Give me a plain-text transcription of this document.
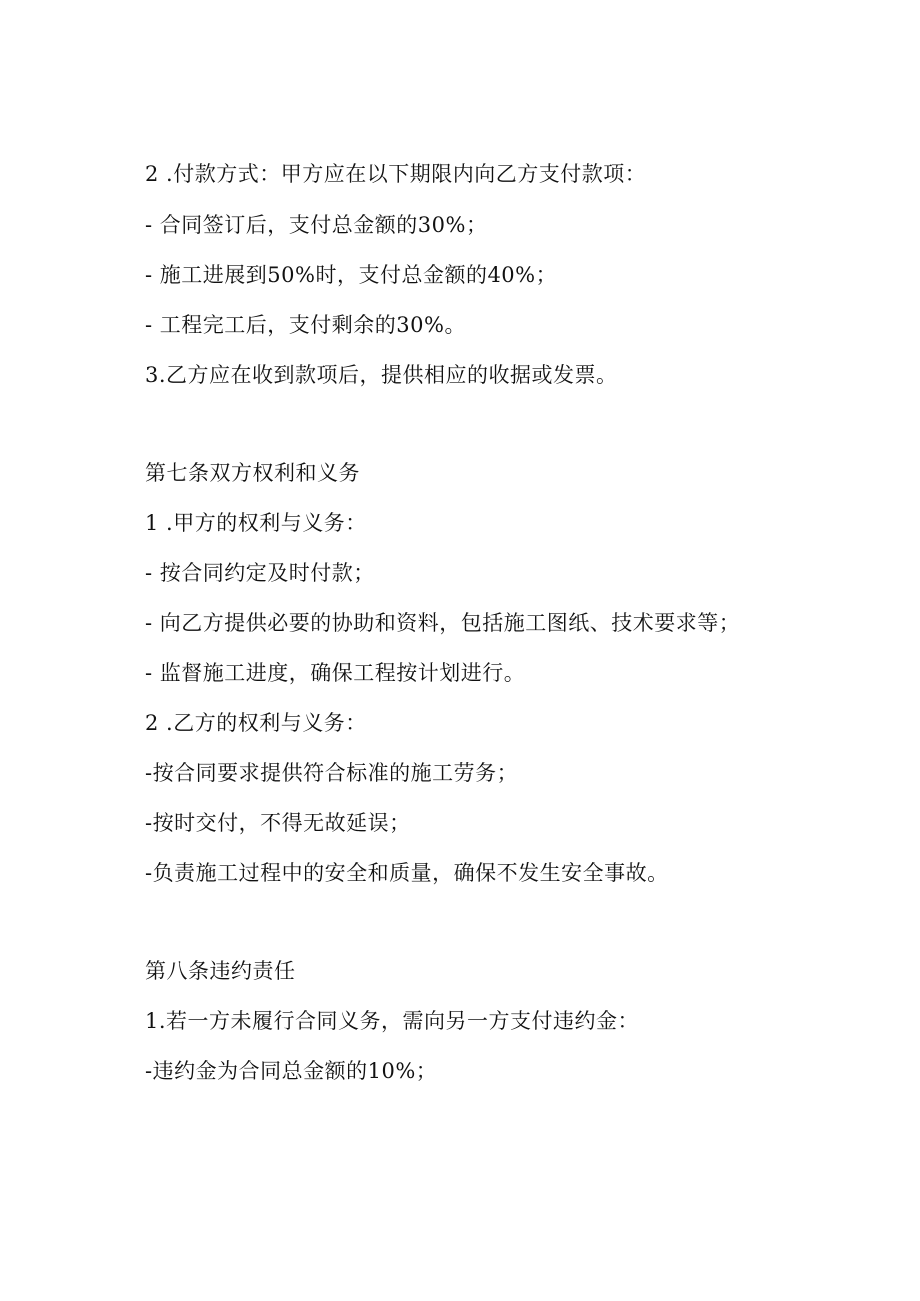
2 .付款方式：甲方应在以下期限内向乙方支付款项：
- 合同签订后，支付总金额的30%；
- 施工进展到50%时，支付总金额的40%；
- 工程完工后，支付剩余的30%。
3.乙方应在收到款项后，提供相应的收据或发票。
第七条双方权利和义务
1 .甲方的权利与义务：
- 按合同约定及时付款；
- 向乙方提供必要的协助和资料，包括施工图纸、技术要求等；
- 监督施工进度，确保工程按计划进行。
2 .乙方的权利与义务：
-按合同要求提供符合标准的施工劳务；
-按时交付，不得无故延误；
-负责施工过程中的安全和质量，确保不发生安全事故。
第八条违约责任
1.若一方未履行合同义务，需向另一方支付违约金：
-违约金为合同总金额的10%；
